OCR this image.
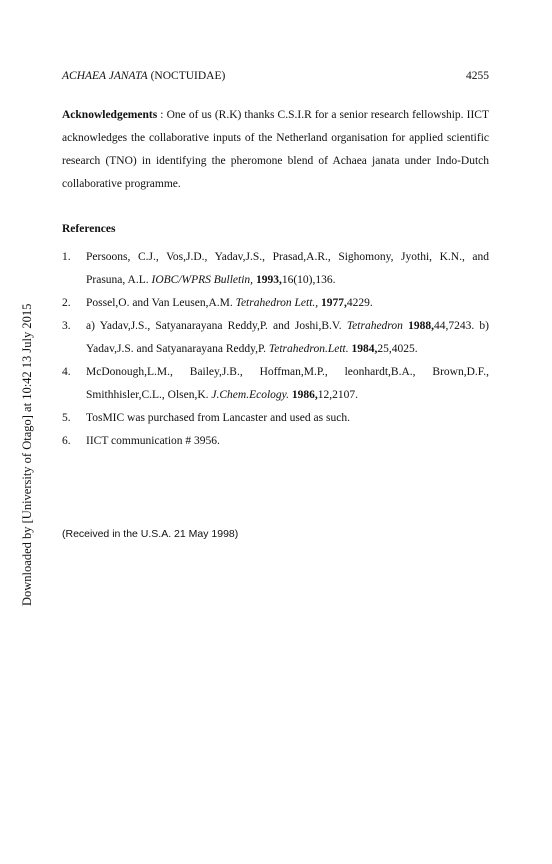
ACHAEA JANATA (NOCTUIDAE)	4255
Acknowledgements : One of us (R.K) thanks C.S.I.R for a senior research fellowship. IICT acknowledges the collaborative inputs of the Netherland organisation for applied scientific research (TNO) in identifying the pheromone blend of Achaea janata under Indo-Dutch collaborative programme.
References
1. Persoons, C.J., Vos,J.D., Yadav,J.S., Prasad,A.R., Sighomony, Jyothi, K.N., and Prasuna, A.L. IOBC/WPRS Bulletin, 1993,16(10),136.
2. Possel,O. and Van Leusen,A.M. Tetrahedron Lett., 1977,4229.
3. a) Yadav,J.S., Satyanarayana Reddy,P. and Joshi,B.V. Tetrahedron 1988,44,7243. b) Yadav,J.S. and Satyanarayana Reddy,P. Tetrahedron.Lett. 1984,25,4025.
4. McDonough,L.M., Bailey,J.B., Hoffman,M.P., leonhardt,B.A., Brown,D.F., Smithhisler,C.L., Olsen,K. J.Chem.Ecology. 1986,12,2107.
5. TosMIC was purchased from Lancaster and used as such.
6. IICT communication # 3956.
(Received in the U.S.A. 21 May 1998)
Downloaded by [University of Otago] at 10:42 13 July 2015
